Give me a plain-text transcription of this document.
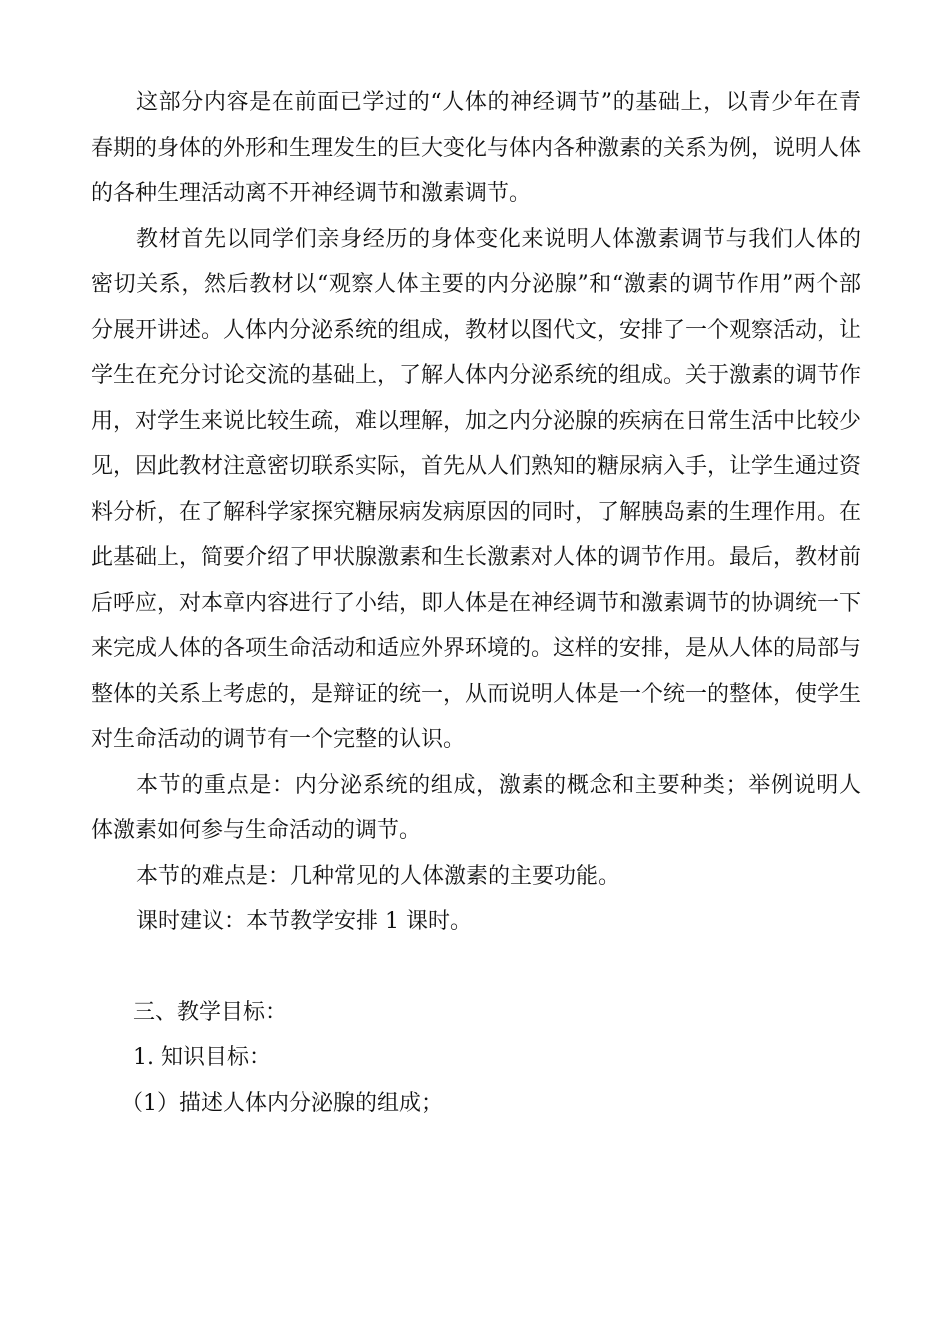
这部分内容是在前面已学过的“人体的神经调节”的基础上，以青少年在青春期的身体的外形和生理发生的巨大变化与体内各种激素的关系为例，说明人体的各种生理活动离不开神经调节和激素调节。

教材首先以同学们亲身经历的身体变化来说明人体激素调节与我们人体的密切关系，然后教材以“观察人体主要的内分泌腺”和“激素的调节作用”两个部分展开讲述。人体内分泌系统的组成，教材以图代文，安排了一个观察活动，让学生在充分讨论交流的基础上，了解人体内分泌系统的组成。关于激素的调节作用，对学生来说比较生疏，难以理解，加之内分泌腺的疾病在日常生活中比较少见，因此教材注意密切联系实际，首先从人们熟知的糖尿病入手，让学生通过资料分析，在了解科学家探究糖尿病发病原因的同时，了解胰岛素的生理作用。在此基础上，简要介绍了甲状腺激素和生长激素对人体的调节作用。最后，教材前后呼应，对本章内容进行了小结，即人体是在神经调节和激素调节的协调统一下来完成人体的各项生命活动和适应外界环境的。这样的安排，是从人体的局部与整体的关系上考虑的，是辩证的统一，从而说明人体是一个统一的整体，使学生对生命活动的调节有一个完整的认识。

本节的重点是：内分泌系统的组成，激素的概念和主要种类；举例说明人体激素如何参与生命活动的调节。

本节的难点是：几种常见的人体激素的主要功能。

课时建议：本节教学安排 1 课时。

三、教学目标：

1. 知识目标：

（1）描述人体内分泌腺的组成；
